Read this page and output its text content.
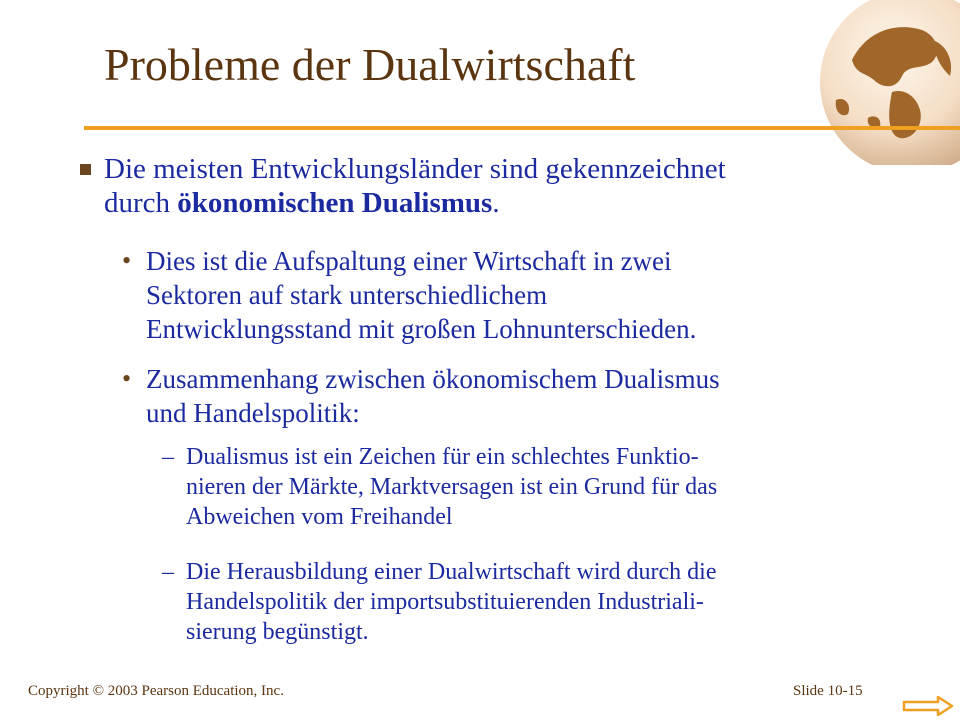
Probleme der Dualwirtschaft
Die meisten Entwicklungsländer sind gekennzeichnet
durch ökonomischen Dualismus.
• Dies ist die Aufspaltung einer Wirtschaft in zwei
Sektoren auf stark unterschiedlichem
Entwicklungsstand mit großen Lohnunterschieden.
• Zusammenhang zwischen ökonomischem Dualismus
und Handelspolitik:
– Dualismus ist ein Zeichen für ein schlechtes Funktio-
nieren der Märkte, Marktversagen ist ein Grund für das
Abweichen vom Freihandel
– Die Herausbildung einer Dualwirtschaft wird durch die
Handelspolitik der importsubstituierenden Industriali-
sierung begünstigt.
Copyright © 2003 Pearson Education, Inc.	Slide 10-15
